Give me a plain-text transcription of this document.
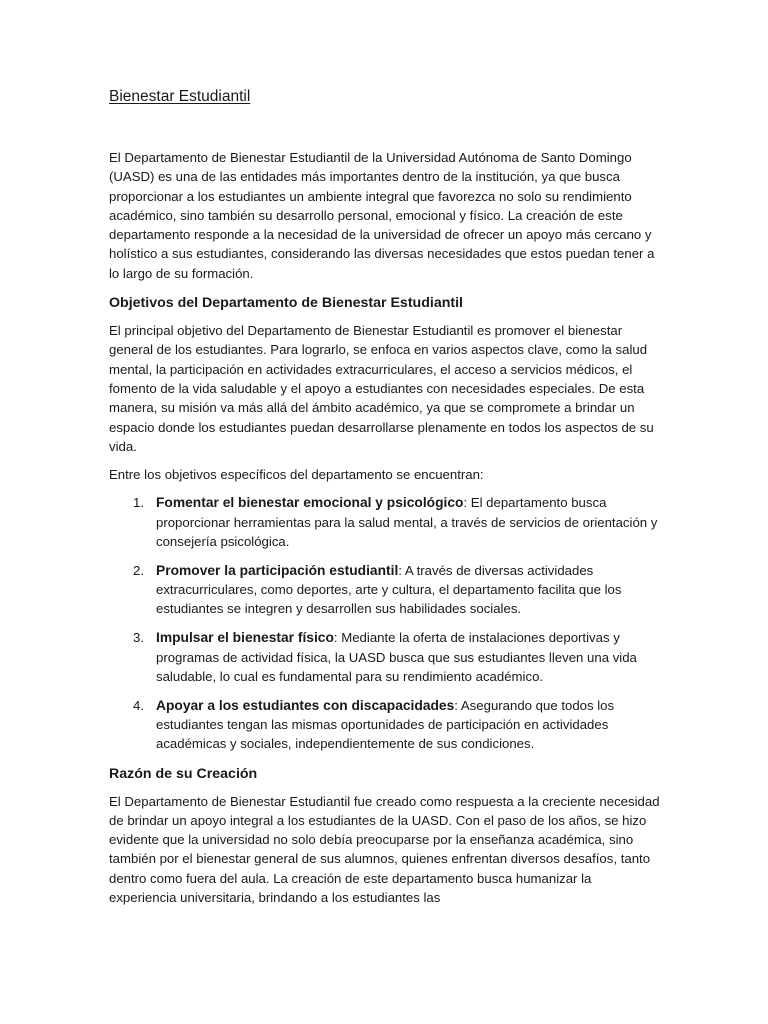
Bienestar Estudiantil

El Departamento de Bienestar Estudiantil de la Universidad Autónoma de Santo Domingo (UASD) es una de las entidades más importantes dentro de la institución, ya que busca proporcionar a los estudiantes un ambiente integral que favorezca no solo su rendimiento académico, sino también su desarrollo personal, emocional y físico. La creación de este departamento responde a la necesidad de la universidad de ofrecer un apoyo más cercano y holístico a sus estudiantes, considerando las diversas necesidades que estos puedan tener a lo largo de su formación.

Objetivos del Departamento de Bienestar Estudiantil

El principal objetivo del Departamento de Bienestar Estudiantil es promover el bienestar general de los estudiantes. Para lograrlo, se enfoca en varios aspectos clave, como la salud mental, la participación en actividades extracurriculares, el acceso a servicios médicos, el fomento de la vida saludable y el apoyo a estudiantes con necesidades especiales. De esta manera, su misión va más allá del ámbito académico, ya que se compromete a brindar un espacio donde los estudiantes puedan desarrollarse plenamente en todos los aspectos de su vida.

Entre los objetivos específicos del departamento se encuentran:

1. Fomentar el bienestar emocional y psicológico: El departamento busca proporcionar herramientas para la salud mental, a través de servicios de orientación y consejería psicológica.
2. Promover la participación estudiantil: A través de diversas actividades extracurriculares, como deportes, arte y cultura, el departamento facilita que los estudiantes se integren y desarrollen sus habilidades sociales.
3. Impulsar el bienestar físico: Mediante la oferta de instalaciones deportivas y programas de actividad física, la UASD busca que sus estudiantes lleven una vida saludable, lo cual es fundamental para su rendimiento académico.
4. Apoyar a los estudiantes con discapacidades: Asegurando que todos los estudiantes tengan las mismas oportunidades de participación en actividades académicas y sociales, independientemente de sus condiciones.
Razón de su Creación

El Departamento de Bienestar Estudiantil fue creado como respuesta a la creciente necesidad de brindar un apoyo integral a los estudiantes de la UASD. Con el paso de los años, se hizo evidente que la universidad no solo debía preocuparse por la enseñanza académica, sino también por el bienestar general de sus alumnos, quienes enfrentan diversos desafíos, tanto dentro como fuera del aula. La creación de este departamento busca humanizar la experiencia universitaria, brindando a los estudiantes las
